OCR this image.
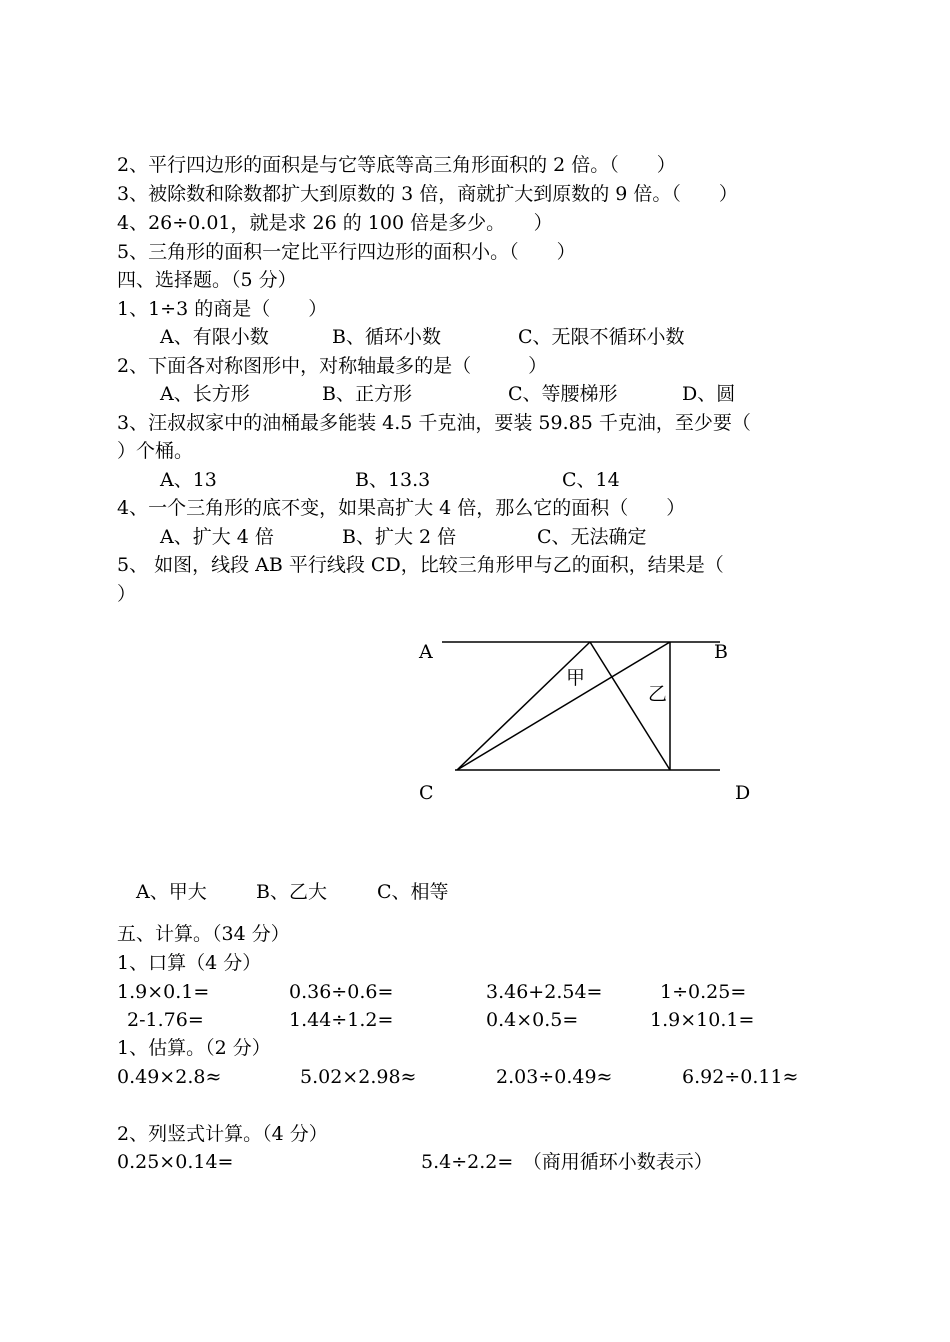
2、平行四边形的面积是与它等底等高三角形面积的 2 倍。（　　）
3、被除数和除数都扩大到原数的 3 倍，商就扩大到原数的 9 倍。（　　）
4、26÷0.01，就是求 26 的 100 倍是多少。　　）
5、三角形的面积一定比平行四边形的面积小。（　　）
四、选择题。（5 分）
1、1÷3 的商是（　　）
A、有限小数	B、循环小数	C、无限不循环小数
2、下面各对称图形中，对称轴最多的是（　　　）
A、长方形	B、正方形	C、等腰梯形	D、圆
3、汪叔叔家中的油桶最多能装 4.5 千克油，要装 59.85 千克油，至少要（
）个桶。
A、13	B、13.3	C、14
4、一个三角形的底不变，如果高扩大 4 倍，那么它的面积（　　）
A、扩大 4 倍	B、扩大 2 倍	C、无法确定
5、 如图，线段 AB 平行线段 CD，比较三角形甲与乙的面积，结果是（
）
A	B
C	D
甲
乙
A、甲大	B、乙大	C、相等
五、计算。（34 分）
1、口算（4 分）
1.9×0.1=	0.36÷0.6=	3.46+2.54=	1÷0.25=
2-1.76=	1.44÷1.2=	0.4×0.5=	1.9×10.1=
1、估算。（2 分）
0.49×2.8≈	5.02×2.98≈	2.03÷0.49≈	6.92÷0.11≈
2、列竖式计算。（4 分）
0.25×0.14=	5.4÷2.2=　（商用循环小数表示）
